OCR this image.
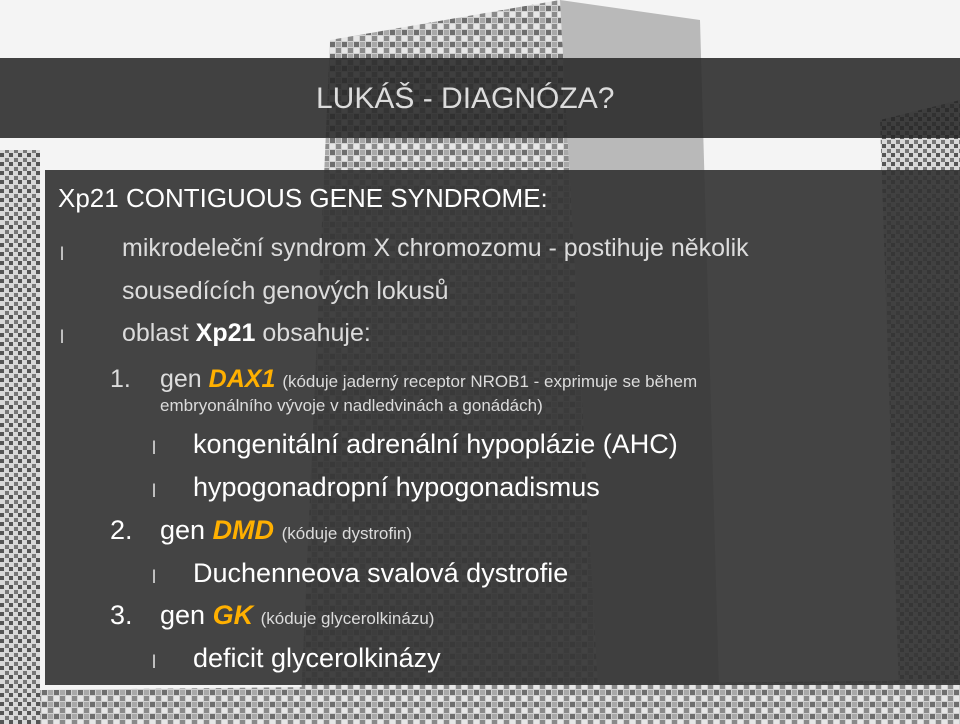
LUKÁŠ - DIAGNÓZA?
Xp21 CONTIGUOUS GENE SYNDROME:
l mikrodeleční syndrom X chromozomu - postihuje několik
sousedících genových lokusů
l oblast Xp21 obsahuje:
1. gen DAX1 (kóduje jaderný receptor NROB1 - exprimuje se během
embryonálního vývoje v nadledvinách a gonádách)
l kongenitální adrenální hypoplázie (AHC)
l hypogonadropní hypogonadismus
2. gen DMD (kóduje dystrofin)
l Duchenneova svalová dystrofie
3. gen GK (kóduje glycerolkinázu)
l deficit glycerolkinázy
